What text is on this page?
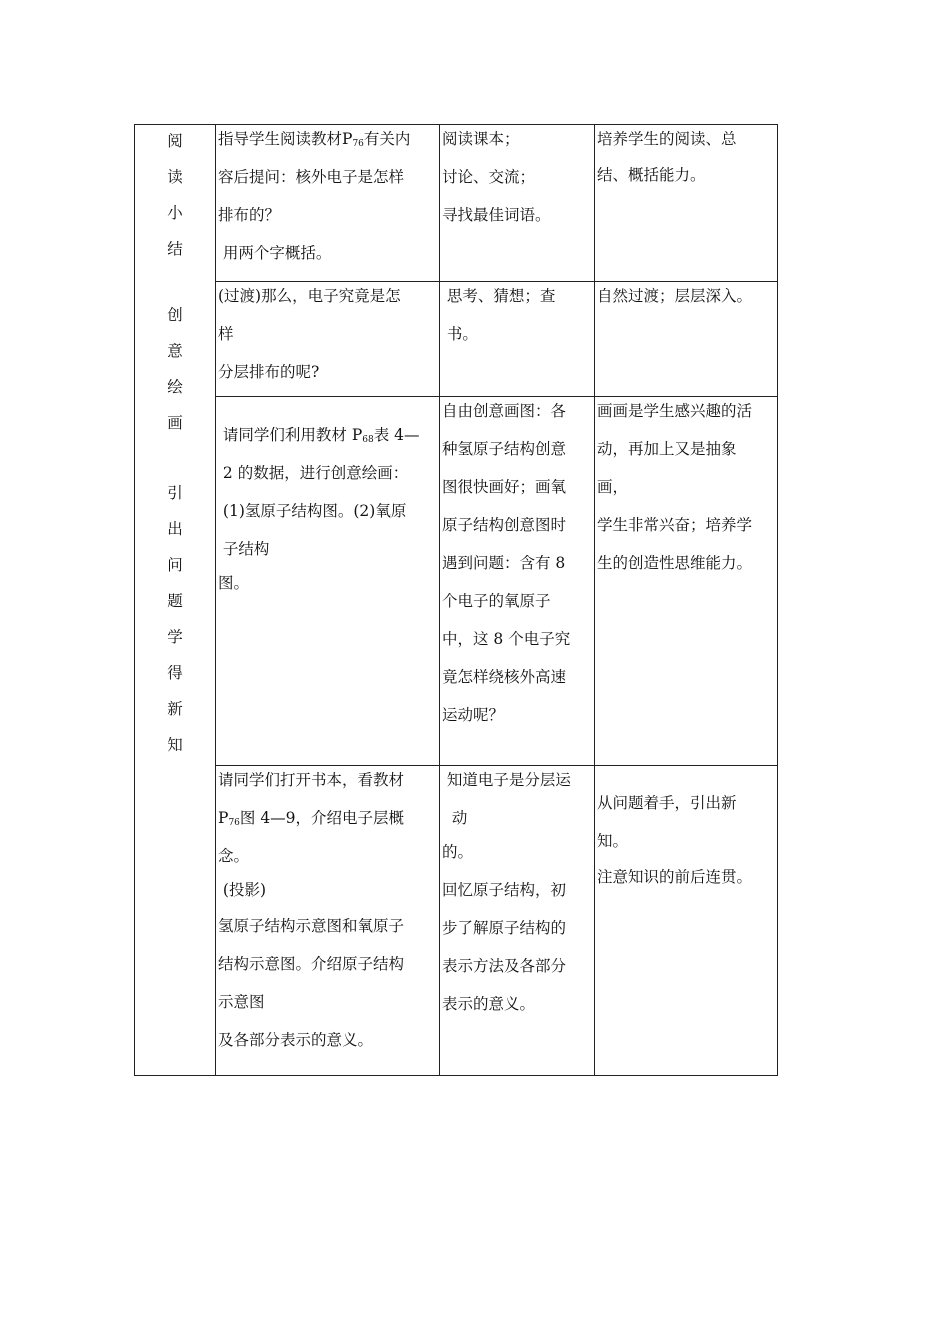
阅
读
小
结
创
意
绘
画
引
出
问
题
学
得
新
知
指导学生阅读教材P76有关内
容后提问：核外电子是怎样
排布的？
用两个字概括。
阅读课本；
讨论、交流；
寻找最佳词语。
培养学生的阅读、总
结、概括能力。
(过渡)那么，电子究竟是怎
样
分层排布的呢?
思考、猜想；查
书。
自然过渡；层层深入。
请同学们利用教材 P68表 4—
2 的数据，进行创意绘画：
(1)氢原子结构图。(2)氧原
子结构
图。
自由创意画图：各
种氢原子结构创意
图很快画好；画氧
原子结构创意图时
遇到问题：含有 8
个电子的氧原子
中，这 8 个电子究
竟怎样绕核外高速
运动呢？
画画是学生感兴趣的活
动，再加上又是抽象
画，
学生非常兴奋；培养学
生的创造性思维能力。
请同学们打开书本，看教材
P76图 4—9，介绍电子层概
念。
(投影)
氢原子结构示意图和氧原子
结构示意图。介绍原子结构
示意图
及各部分表示的意义。
知道电子是分层运
动
的。
回忆原子结构，初
步了解原子结构的
表示方法及各部分
表示的意义。
从问题着手，引出新
知。
注意知识的前后连贯。
